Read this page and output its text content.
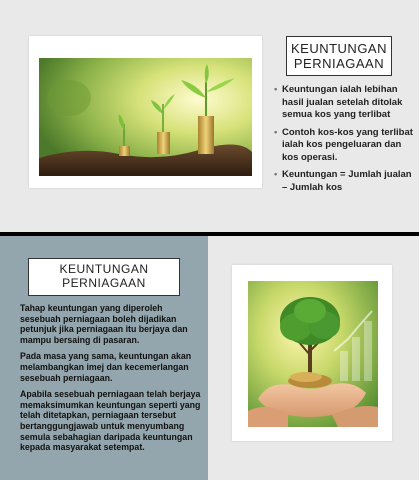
KEUNTUNGAN
PERNIAGAAN
• Keuntungan ialah lebihan hasil jualan setelah ditolak semua kos yang terlibat
• Contoh kos-kos yang terlibat ialah kos pengeluaran dan kos operasi.
• Keuntungan = Jumlah jualan – Jumlah kos
KEUNTUNGAN
PERNIAGAAN

Tahap keuntungan yang diperoleh sesebuah perniagaan boleh dijadikan petunjuk jika perniagaan itu berjaya dan mampu bersaing di pasaran.

Pada masa yang sama, keuntungan akan melambangkan imej dan kecemerlangan sesebuah perniagaan.

Apabila sesebuah perniagaan telah berjaya memaksimumkan keuntungan seperti yang telah ditetapkan, perniagaan tersebut bertanggungjawab untuk menyumbang semula sebahagian daripada keuntungan kepada masyarakat setempat.
